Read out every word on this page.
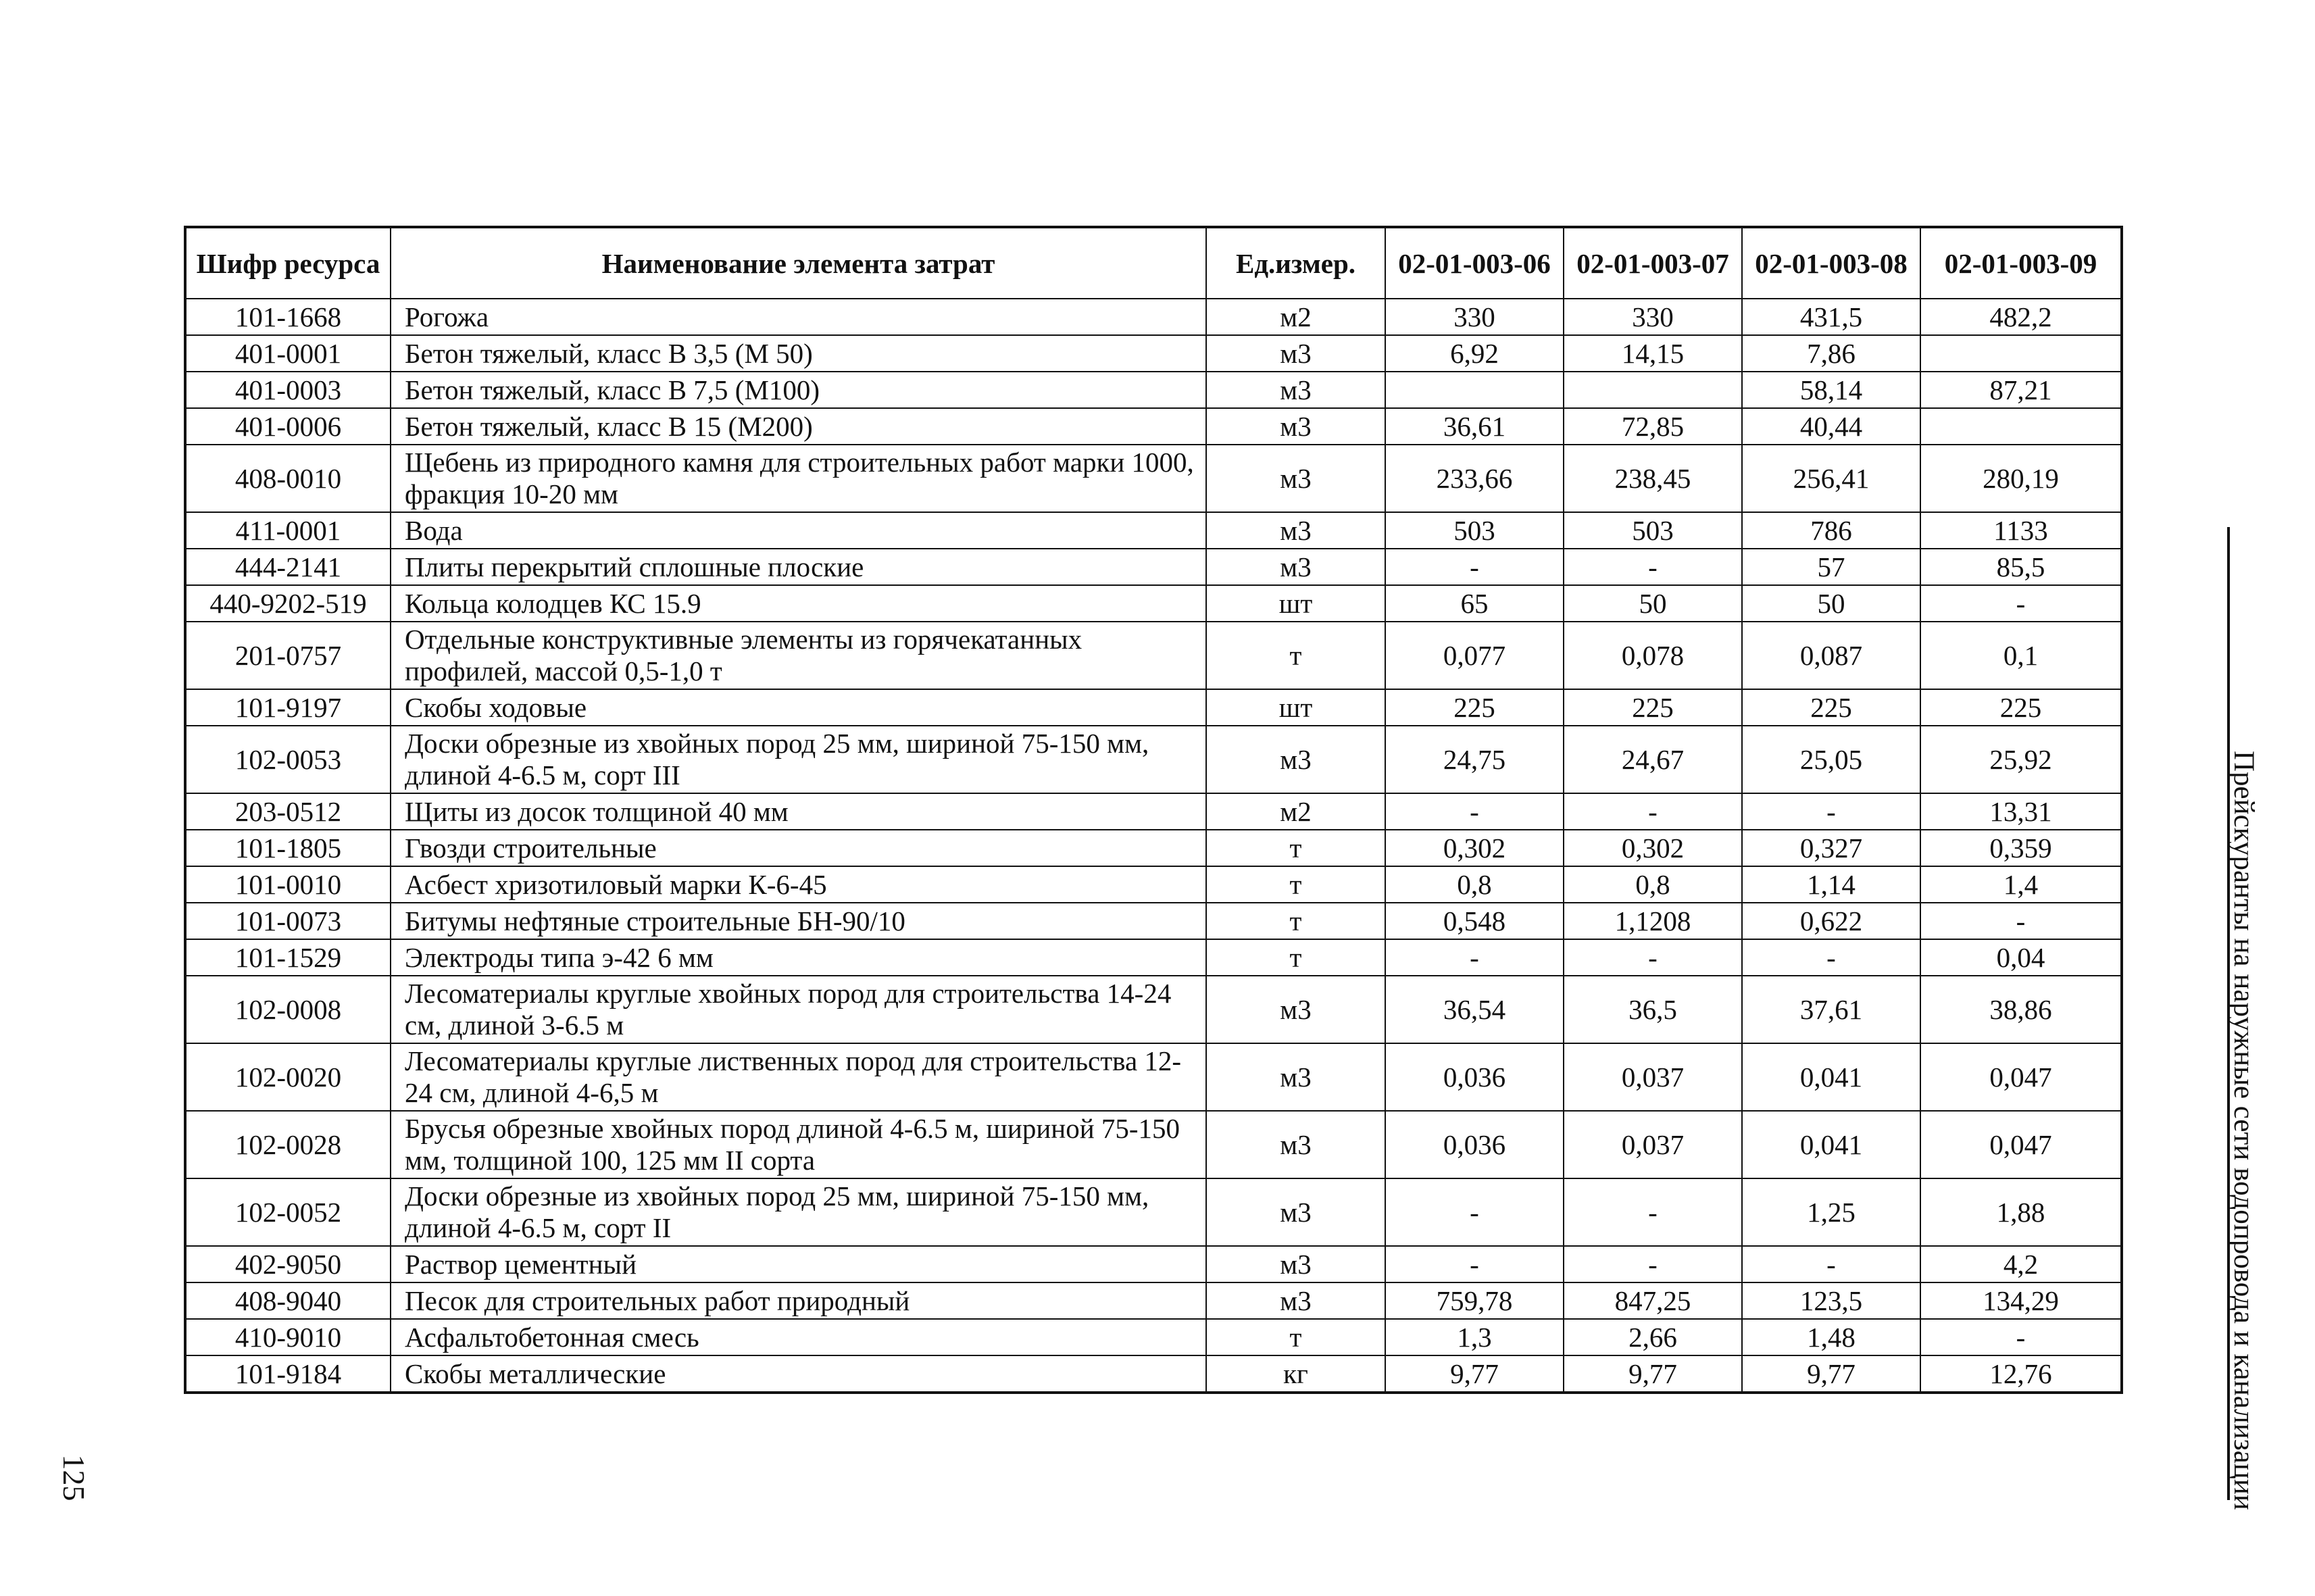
Шифр ресурса	Наименование элемента затрат	Ед.измер.	02-01-003-06	02-01-003-07	02-01-003-08	02-01-003-09
101-1668	Рогожа	м2	330	330	431,5	482,2
401-0001	Бетон тяжелый, класс В 3,5 (М 50)	м3	6,92	14,15	7,86	
401-0003	Бетон тяжелый, класс В 7,5 (М100)	м3			58,14	87,21
401-0006	Бетон тяжелый, класс В 15 (М200)	м3	36,61	72,85	40,44	
408-0010	Щебень из природного камня для строительных работ марки 1000, фракция 10-20 мм	м3	233,66	238,45	256,41	280,19
411-0001	Вода	м3	503	503	786	1133
444-2141	Плиты перекрытий сплошные плоские	м3	-	-	57	85,5
440-9202-519	Кольца колодцев КС 15.9	шт	65	50	50	-
201-0757	Отдельные конструктивные элементы из горячекатанных профилей, массой 0,5-1,0 т	т	0,077	0,078	0,087	0,1
101-9197	Скобы ходовые	шт	225	225	225	225
102-0053	Доски обрезные из хвойных пород 25 мм, шириной 75-150 мм, длиной 4-6.5 м, сорт III	м3	24,75	24,67	25,05	25,92
203-0512	Щиты из досок толщиной 40 мм	м2	-	-	-	13,31
101-1805	Гвозди строительные	т	0,302	0,302	0,327	0,359
101-0010	Асбест хризотиловый марки К-6-45	т	0,8	0,8	1,14	1,4
101-0073	Битумы нефтяные строительные БН-90/10	т	0,548	1,1208	0,622	-
101-1529	Электроды типа э-42 6 мм	т	-	-	-	0,04
102-0008	Лесоматериалы круглые хвойных пород для строительства 14-24 см, длиной 3-6.5 м	м3	36,54	36,5	37,61	38,86
102-0020	Лесоматериалы круглые лиственных пород для строительства 12-24 см, длиной 4-6,5 м	м3	0,036	0,037	0,041	0,047
102-0028	Брусья обрезные хвойных пород длиной 4-6.5 м, шириной 75-150 мм, толщиной 100, 125 мм II сорта	м3	0,036	0,037	0,041	0,047
102-0052	Доски обрезные из хвойных пород 25 мм, шириной 75-150 мм, длиной 4-6.5 м, сорт II	м3	-	-	1,25	1,88
402-9050	Раствор цементный	м3	-	-	-	4,2
408-9040	Песок для строительных работ природный	м3	759,78	847,25	123,5	134,29
410-9010	Асфальтобетонная смесь	т	1,3	2,66	1,48	-
101-9184	Скобы металлические	кг	9,77	9,77	9,77	12,76	Прейскуранты на наружные сети водопровода и канализации
125
